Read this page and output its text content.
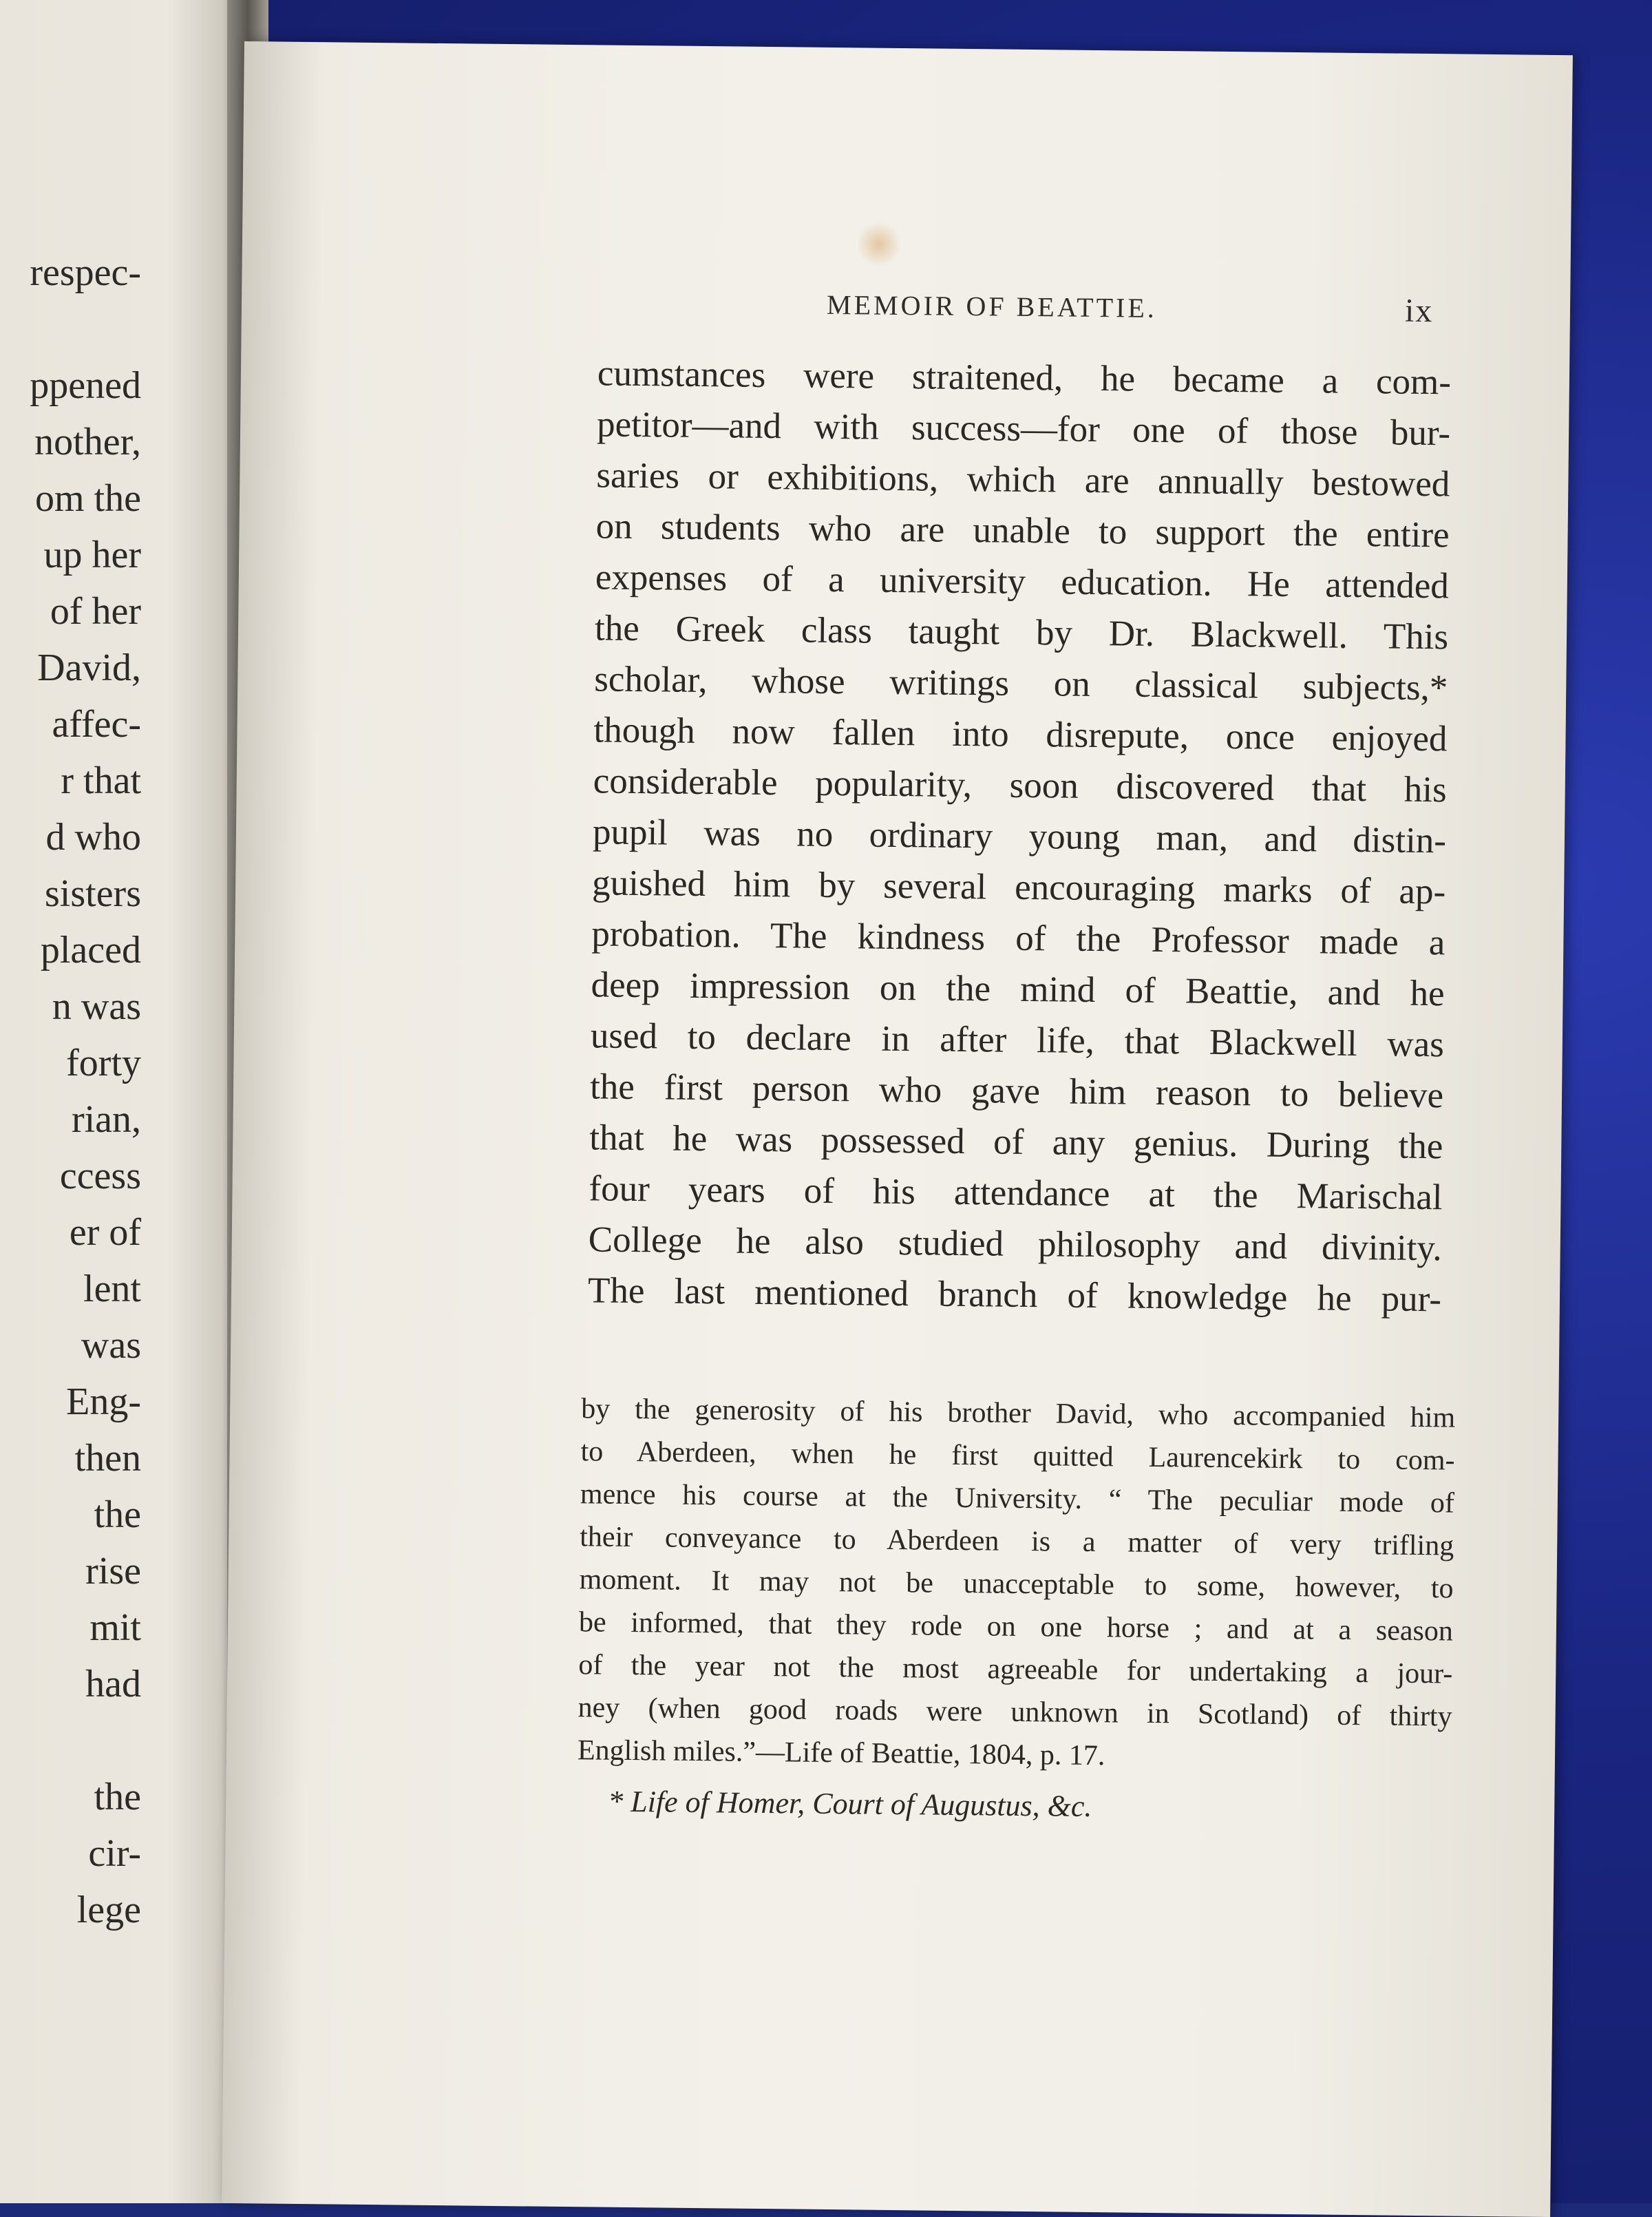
respec-
ppened
nother,
om the
up her
of her
David,
affec-
r that
d who
sisters
placed
n was
forty
rian,
ccess
er of
lent
was
Eng-
then
the
rise
mit
had
the
cir-
lege
MEMOIR OF BEATTIE.	ix
cumstances were straitened, he became a com-
petitor—and with success—for one of those bur-
saries or exhibitions, which are annually bestowed
on students who are unable to support the entire
expenses of a university education. He attended
the Greek class taught by Dr. Blackwell. This
scholar, whose writings on classical subjects,*
though now fallen into disrepute, once enjoyed
considerable popularity, soon discovered that his
pupil was no ordinary young man, and distin-
guished him by several encouraging marks of ap-
probation. The kindness of the Professor made a
deep impression on the mind of Beattie, and he
used to declare in after life, that Blackwell was
the first person who gave him reason to believe
that he was possessed of any genius. During the
four years of his attendance at the Marischal
College he also studied philosophy and divinity.
The last mentioned branch of knowledge he pur-
by the generosity of his brother David, who accompanied him
to Aberdeen, when he first quitted Laurencekirk to com-
mence his course at the University. “ The peculiar mode of
their conveyance to Aberdeen is a matter of very trifling
moment. It may not be unacceptable to some, however, to
be informed, that they rode on one horse ; and at a season
of the year not the most agreeable for undertaking a jour-
ney (when good roads were unknown in Scotland) of thirty
English miles.”—Life of Beattie, 1804, p. 17.
* Life of Homer, Court of Augustus, &c.
